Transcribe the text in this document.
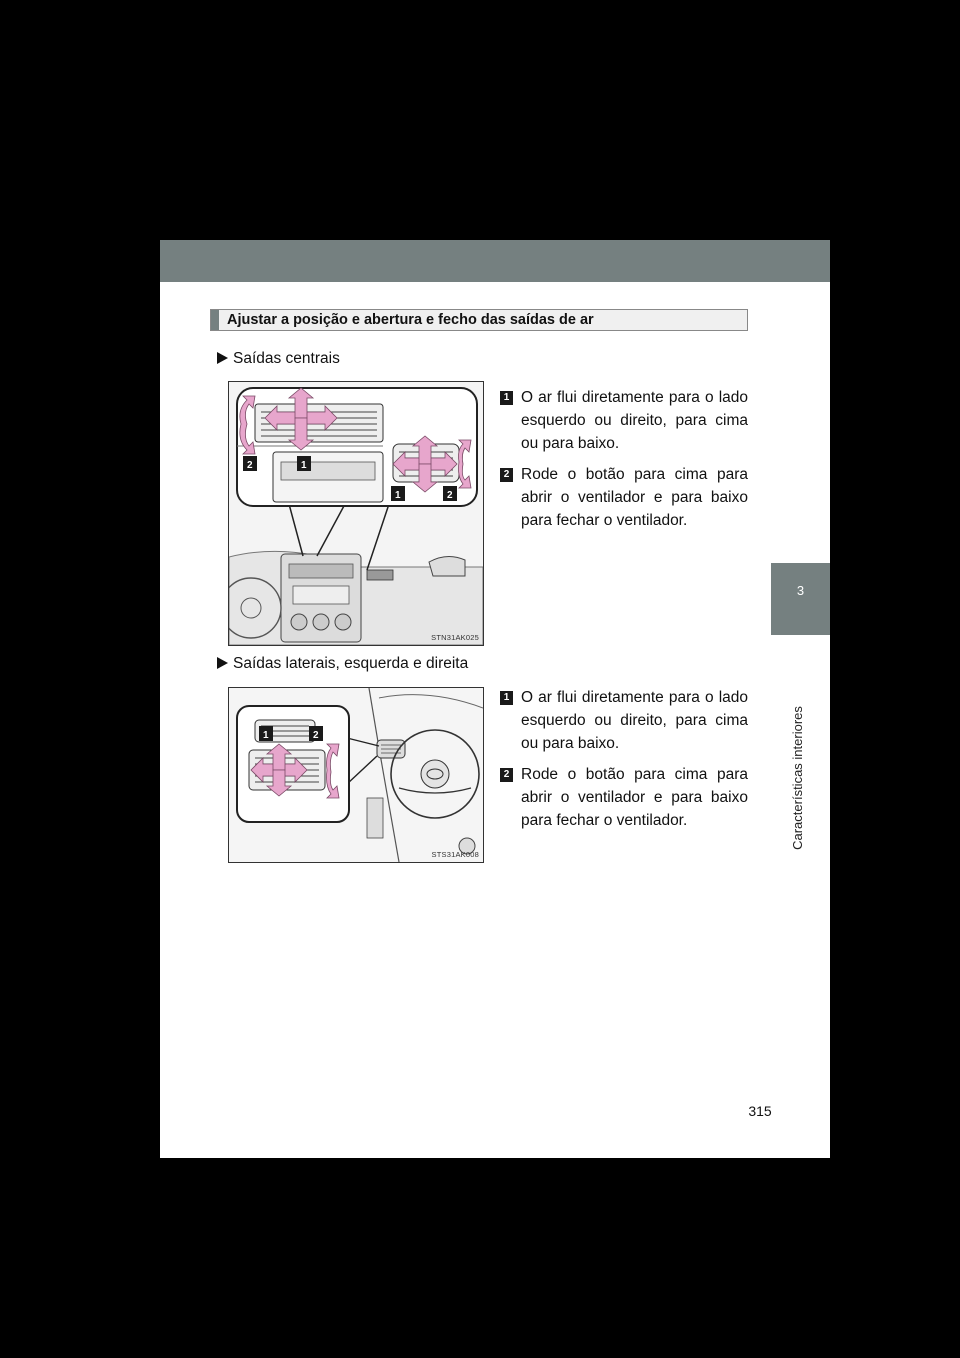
Ajustar a posição e abertura e fecho das saídas de ar
Saídas centrais
2	1
1	2
STN31AK025
1 O ar flui diretamente para o lado esquerdo ou direito, para cima ou para baixo.
2 Rode o botão para cima para abrir o ventilador e para baixo para fechar o ventilador.
Saídas laterais, esquerda e direita
1	2
STS31AK008
1 O ar flui diretamente para o lado esquerdo ou direito, para cima ou para baixo.
2 Rode o botão para cima para abrir o ventilador e para baixo para fechar o ventilador.
3
Características interiores
315
